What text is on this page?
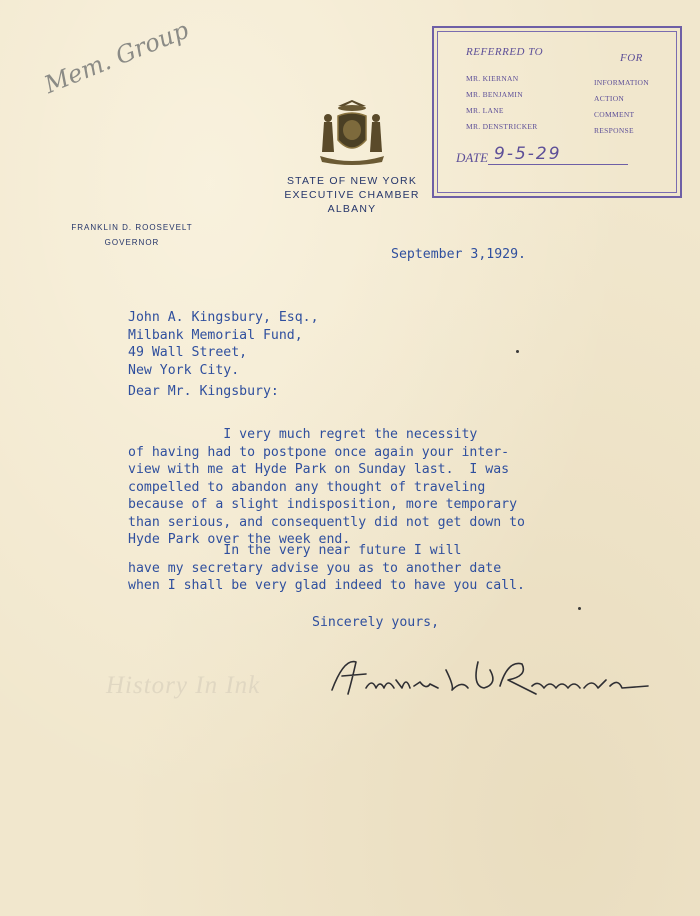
Mem. Group	REFERRED TO	FOR
MR. KIERNAN
MR. BENJAMIN
MR. LANE
MR. DENSTRICKER
INFORMATION
ACTION
COMMENT
RESPONSE
DATE 9-5-29
STATE OF NEW YORK
EXECUTIVE CHAMBER
ALBANY
FRANKLIN D. ROOSEVELT
GOVERNOR
September 3,1929.
John A. Kingsbury, Esq.,
Milbank Memorial Fund,
49 Wall Street,
New York City.
Dear Mr. Kingsbury:
I very much regret the necessity
of having had to postpone once again your inter-
view with me at Hyde Park on Sunday last.  I was
compelled to abandon any thought of traveling
because of a slight indisposition, more temporary
than serious, and consequently did not get down to
Hyde Park over the week end.
In the very near future I will
have my secretary advise you as to another date
when I shall be very glad indeed to have you call.
Sincerely yours,
History In Ink
